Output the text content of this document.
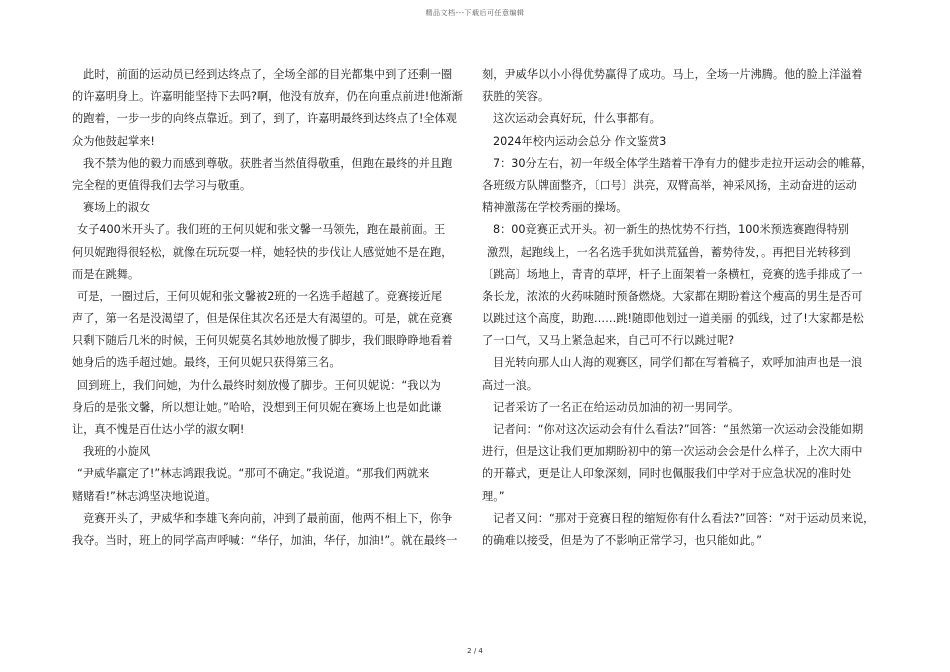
精品文档---下载后可任意编辑
此时，前面的运动员已经到达终点了，全场全部的目光都集中到了还剩一圈
的许嘉明身上。许嘉明能坚持下去吗?啊，他没有放弃，仍在向重点前进!他渐渐
的跑着，一步一步的向终点靠近。到了，到了，许嘉明最终到达终点了!全体观
众为他鼓起掌来!
我不禁为他的毅力而感到尊敬。获胜者当然值得敬重，但跑在最终的并且跑
完全程的更值得我们去学习与敬重。
赛场上的淑女
女子400米开头了。我们班的王何贝妮和张文馨一马领先，跑在最前面。王
何贝妮跑得很轻松，就像在玩玩耍一样，她轻快的步伐让人感觉她不是在跑，
而是在跳舞。
可是，一圈过后，王何贝妮和张文馨被2班的一名选手超越了。竞赛接近尾
声了，第一名是没渴望了，但是保住其次名还是大有渴望的。可是，就在竞赛
只剩下随后几米的时候，王何贝妮莫名其妙地放慢了脚步，我们眼睁睁地看着
她身后的选手超过她。最终，王何贝妮只获得第三名。
回到班上，我们问她，为什么最终时刻放慢了脚步。王何贝妮说：“我以为
身后的是张文馨，所以想让她。”哈哈，没想到王何贝妮在赛场上也是如此谦
让，真不愧是百仕达小学的淑女啊!
我班的小旋风
“尹威华赢定了!”林志鸿跟我说。“那可不确定。”我说道。“那我们两就来
赌赌看!”林志鸿坚决地说道。
竞赛开头了，尹威华和李雄飞奔向前，冲到了最前面，他两不相上下，你争
我夺。当时，班上的同学高声呼喊：“华仔，加油，华仔，加油!”。就在最终一
刻，尹威华以小小得优势赢得了成功。马上，全场一片沸腾。他的脸上洋溢着
获胜的笑容。
这次运动会真好玩，什么事都有。
2024年校内运动会总分 作文鉴赏3
7：30分左右，初一年级全体学生踏着干净有力的健步走拉开运动会的帷幕，
各班级方队牌面整齐，〔口号〕洪亮，双臂高举，神采风扬，主动奋进的运动
精神激荡在学校秀丽的操场。
8：00竞赛正式开头。初一新生的热忱势不行挡，100米预选赛跑得特别
激烈，起跑线上，一名名选手犹如洪荒猛兽，蓄势待发，。再把目光转移到
〔跳高〕场地上，青青的草坪，杆子上面架着一条横杠，竞赛的选手排成了一
条长龙，浓浓的火药味随时预备燃烧。大家都在期盼着这个瘦高的男生是否可
以跳过这个高度，助跑……跳!随即他划过一道美丽 的弧线，过了!大家都是松
了一口气，又马上紧急起来，自己可不行以跳过呢?
目光转向那人山人海的观赛区，同学们都在写着稿子，欢呼加油声也是一浪
高过一浪。
记者采访了一名正在给运动员加油的初一男同学。
记者问：“你对这次运动会有什么看法?”回答：“虽然第一次运动会没能如期
进行，但是这让我们更加期盼初中的第一次运动会会是什么样子，上次大雨中
的开幕式，更是让人印象深刻，同时也佩服我们中学对于应急状况的准时处
理。”
记者又问：“那对于竞赛日程的缩短你有什么看法?”回答：“对于运动员来说，
的确难以接受，但是为了不影响正常学习，也只能如此。”
2 / 4
